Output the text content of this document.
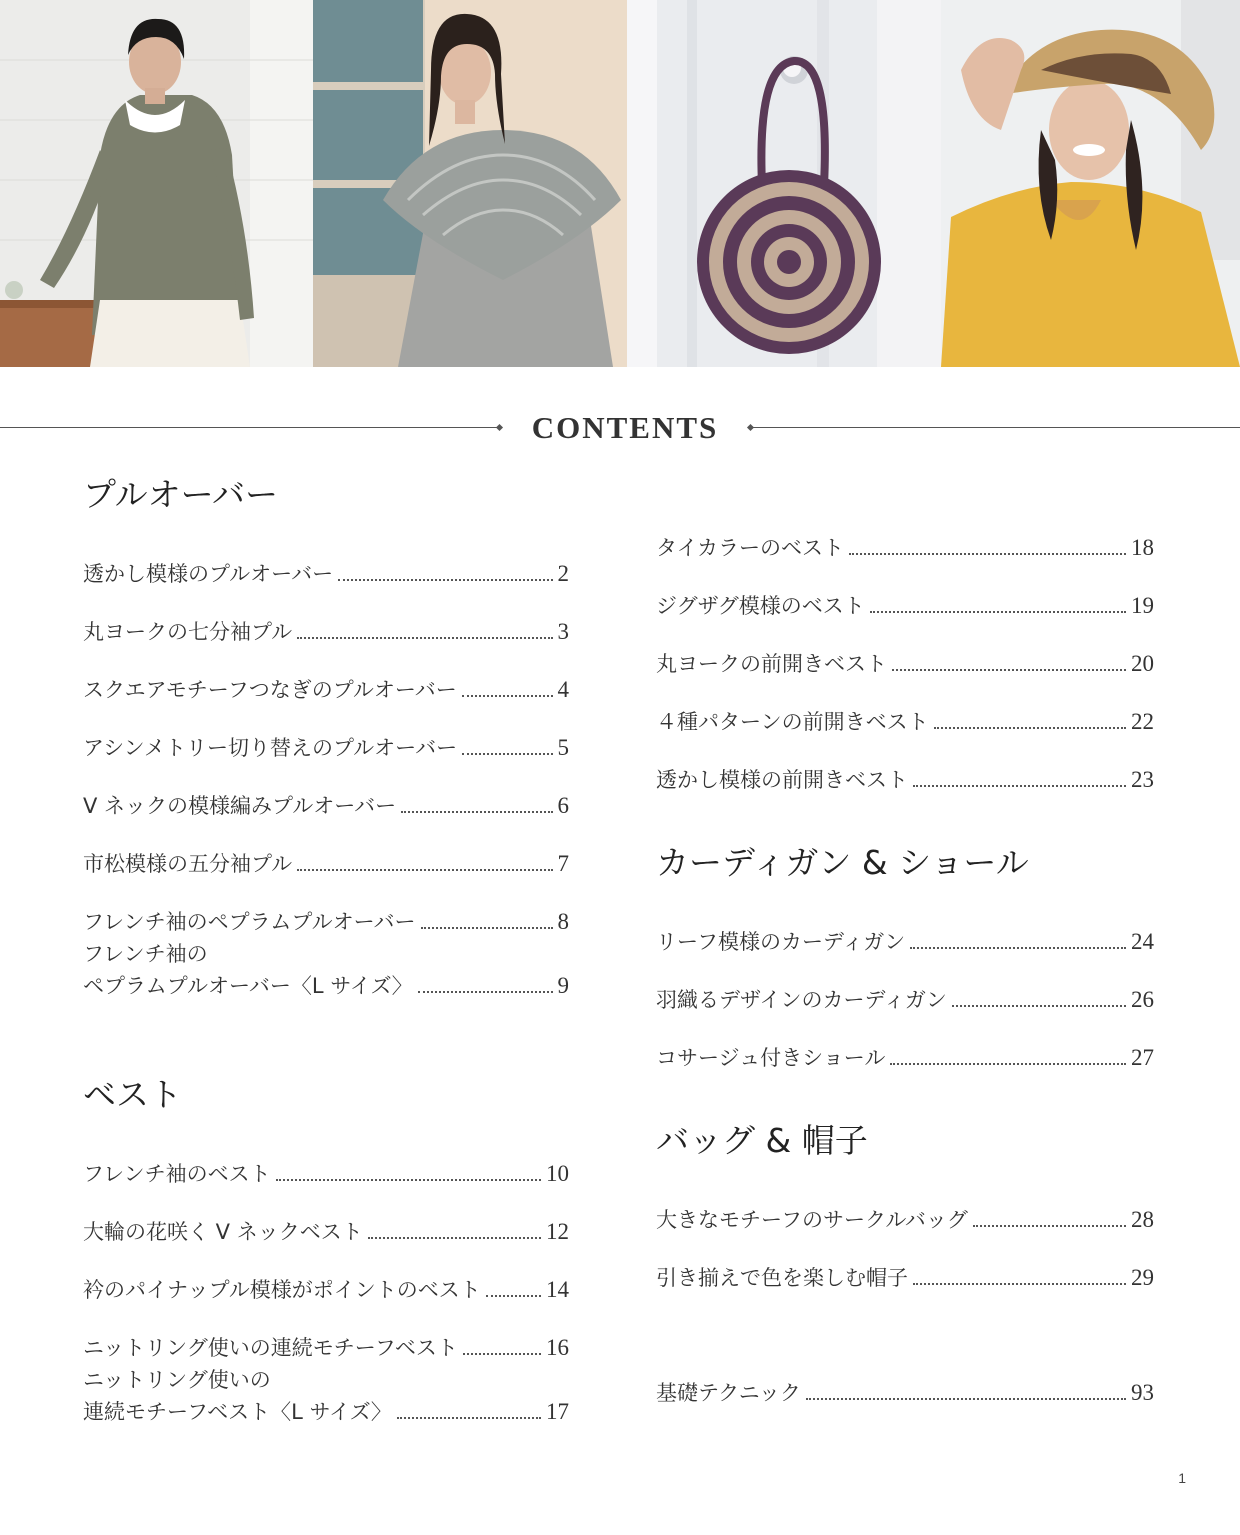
CONTENTS
プルオーバー
透かし模様のプルオーバー	2
丸ヨークの七分袖プル	3
スクエアモチーフつなぎのプルオーバー	4
アシンメトリー切り替えのプルオーバー	5
V ネックの模様編みプルオーバー	6
市松模様の五分袖プル	7
フレンチ袖のペプラムプルオーバー	8
フレンチ袖の
ペプラムプルオーバー〈L サイズ〉	9
ベスト
フレンチ袖のベスト	10
大輪の花咲く V ネックベスト	12
衿のパイナップル模様がポイントのベスト	14
ニットリング使いの連続モチーフベスト	16
ニットリング使いの
連続モチーフベスト〈L サイズ〉	17
タイカラーのベスト	18
ジグザグ模様のベスト	19
丸ヨークの前開きベスト	20
４種パターンの前開きベスト	22
透かし模様の前開きベスト	23
カーディガン & ショール
リーフ模様のカーディガン	24
羽織るデザインのカーディガン	26
コサージュ付きショール	27
バッグ & 帽子
大きなモチーフのサークルバッグ	28
引き揃えで色を楽しむ帽子	29
基礎テクニック	93
1
